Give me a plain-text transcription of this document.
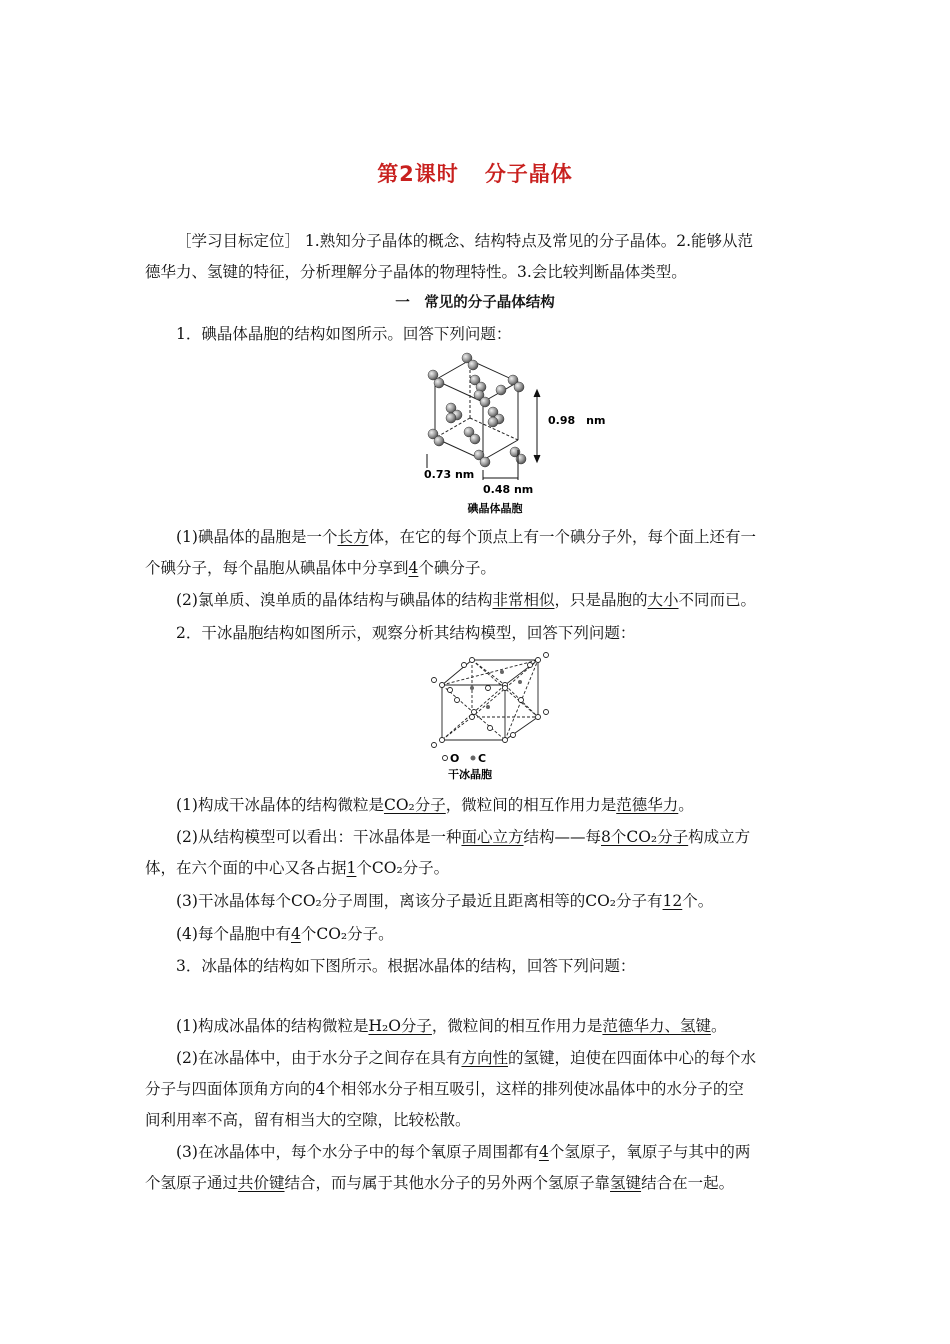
第2课时 分子晶体

［学习目标定位］ 1.熟知分子晶体的概念、结构特点及常见的分子晶体。2.能够从范

德华力、氢键的特征，分析理解分子晶体的物理特性。3.会比较判断晶体类型。

一　常见的分子晶体结构

1．碘晶体晶胞的结构如图所示。回答下列问题：

0.98　nm
0.73 nm
0.48 nm
碘晶体晶胞

(1)碘晶体的晶胞是一个长方体，在它的每个顶点上有一个碘分子外，每个面上还有一

个碘分子，每个晶胞从碘晶体中分享到4个碘分子。

(2)氯单质、溴单质的晶体结构与碘晶体的结构非常相似，只是晶胞的大小不同而已。

2．干冰晶胞结构如图所示，观察分析其结构模型，回答下列问题：

O C
干冰晶胞

(1)构成干冰晶体的结构微粒是CO₂分子，微粒间的相互作用力是范德华力。

(2)从结构模型可以看出：干冰晶体是一种面心立方结构——每8个CO₂分子构成立方

体，在六个面的中心又各占据1个CO₂分子。

(3)干冰晶体每个CO₂分子周围，离该分子最近且距离相等的CO₂分子有12个。

(4)每个晶胞中有4个CO₂分子。

3．冰晶体的结构如下图所示。根据冰晶体的结构，回答下列问题：

(1)构成冰晶体的结构微粒是H₂O分子，微粒间的相互作用力是范德华力、氢键。

(2)在冰晶体中，由于水分子之间存在具有方向性的氢键，迫使在四面体中心的每个水

分子与四面体顶角方向的4个相邻水分子相互吸引，这样的排列使冰晶体中的水分子的空

间利用率不高，留有相当大的空隙，比较松散。

(3)在冰晶体中，每个水分子中的每个氧原子周围都有4个氢原子，氧原子与其中的两

个氢原子通过共价键结合，而与属于其他水分子的另外两个氢原子靠氢键结合在一起。
